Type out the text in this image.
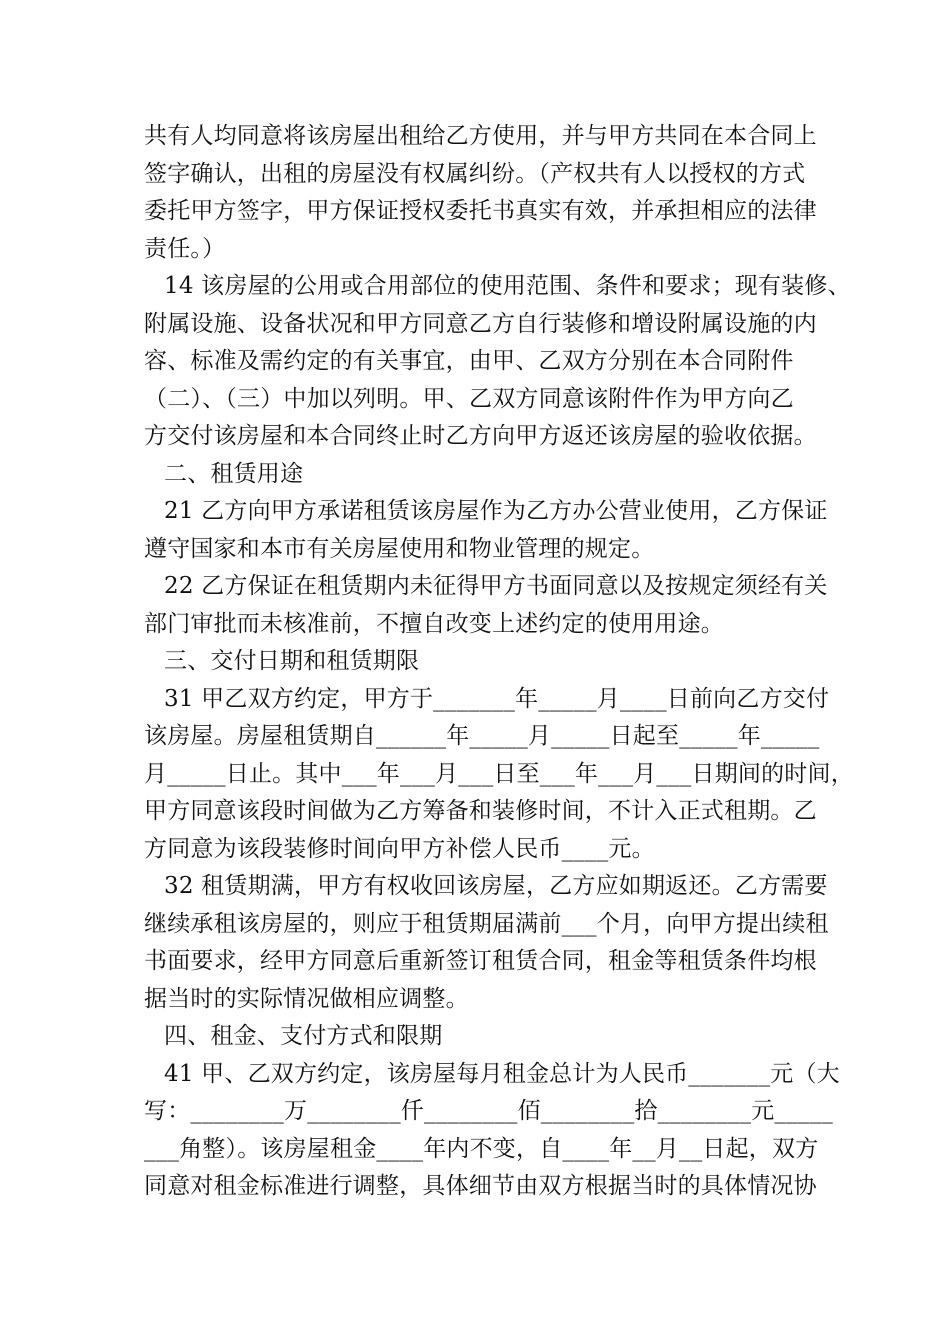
共有人均同意将该房屋出租给乙方使用，并与甲方共同在本合同上
签字确认，出租的房屋没有权属纠纷。（产权共有人以授权的方式
委托甲方签字，甲方保证授权委托书真实有效，并承担相应的法律
责任。）
14 该房屋的公用或合用部位的使用范围、条件和要求；现有装修、
附属设施、设备状况和甲方同意乙方自行装修和增设附属设施的内
容、标准及需约定的有关事宜，由甲、乙双方分别在本合同附件
（二）、（三）中加以列明。甲、乙双方同意该附件作为甲方向乙
方交付该房屋和本合同终止时乙方向甲方返还该房屋的验收依据。
二、租赁用途
21 乙方向甲方承诺租赁该房屋作为乙方办公营业使用，乙方保证
遵守国家和本市有关房屋使用和物业管理的规定。
22 乙方保证在租赁期内未征得甲方书面同意以及按规定须经有关
部门审批而未核准前，不擅自改变上述约定的使用用途。
三、交付日期和租赁期限
31 甲乙双方约定，甲方于_______年_____月____日前向乙方交付
该房屋。房屋租赁期自______年_____月_____日起至_____年_____
月_____日止。其中___年___月___日至___年___月___日期间的时间，
甲方同意该段时间做为乙方筹备和装修时间，不计入正式租期。乙
方同意为该段装修时间向甲方补偿人民币____元。
32 租赁期满，甲方有权收回该房屋，乙方应如期返还。乙方需要
继续承租该房屋的，则应于租赁期届满前___个月，向甲方提出续租
书面要求，经甲方同意后重新签订租赁合同，租金等租赁条件均根
据当时的实际情况做相应调整。
四、租金、支付方式和限期
41 甲、乙双方约定，该房屋每月租金总计为人民币_______元（大
写：________万________仟________佰________拾________元_____
___角整）。该房屋租金____年内不变，自____年__月__日起，双方
同意对租金标准进行调整，具体细节由双方根据当时的具体情况协
